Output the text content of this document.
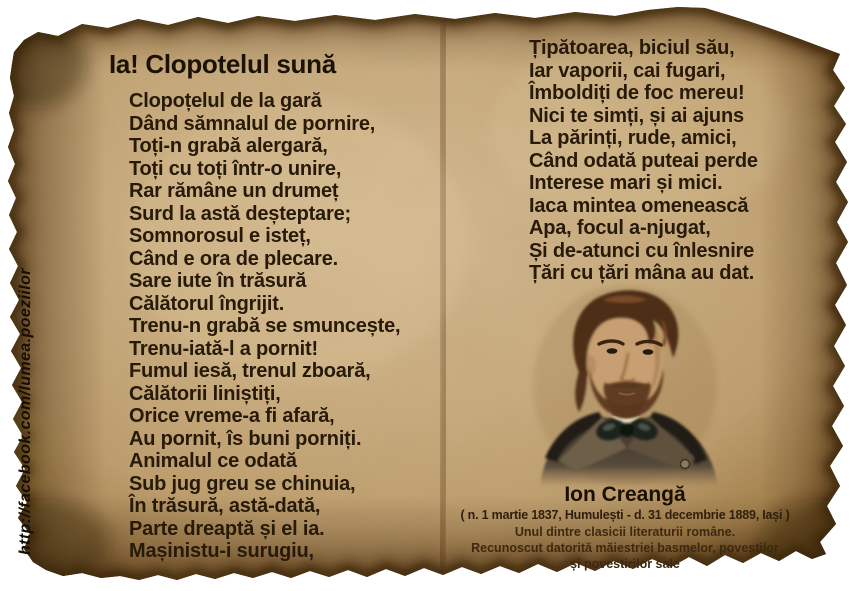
http://facebook.com/lumea.poeziilor
Ia! Clopotelul sună
Clopoțelul de la gară
Dând sămnalul de pornire,
Toți-n grabă alergară,
Toți cu toți într-o unire,
Rar rămâne un drumeț
Surd la astă deșteptare;
Somnorosul e isteț,
Când e ora de plecare.
Sare iute în trăsură
Călătorul îngrijit.
Trenu-n grabă se smuncește,
Trenu-iată-l a pornit!
Fumul iesă, trenul zboară,
Călătorii liniștiți,
Orice vreme-a fi afară,
Au pornit, îs buni porniți.
Animalul ce odată
Sub jug greu se chinuia,
În trăsură, astă-dată,
Parte dreaptă și el ia.
Mașinistu-i surugiu,
Țipătoarea, biciul său,
Iar vaporii, cai fugari,
Îmboldiți de foc mereu!
Nici te simți, și ai ajuns
La părinți, rude, amici,
Când odată puteai perde
Interese mari și mici.
Iaca mintea omenească
Apa, focul a-njugat,
Și de-atunci cu înlesnire
Țări cu țări mâna au dat.
Ion Creangă
( n. 1 martie 1837, Humulești - d. 31 decembrie 1889, Iași )
Unul dintre clasicii literaturii române.
Recunoscut datorită măiestriei basmelor, poveștilor
și povestirilor sale
